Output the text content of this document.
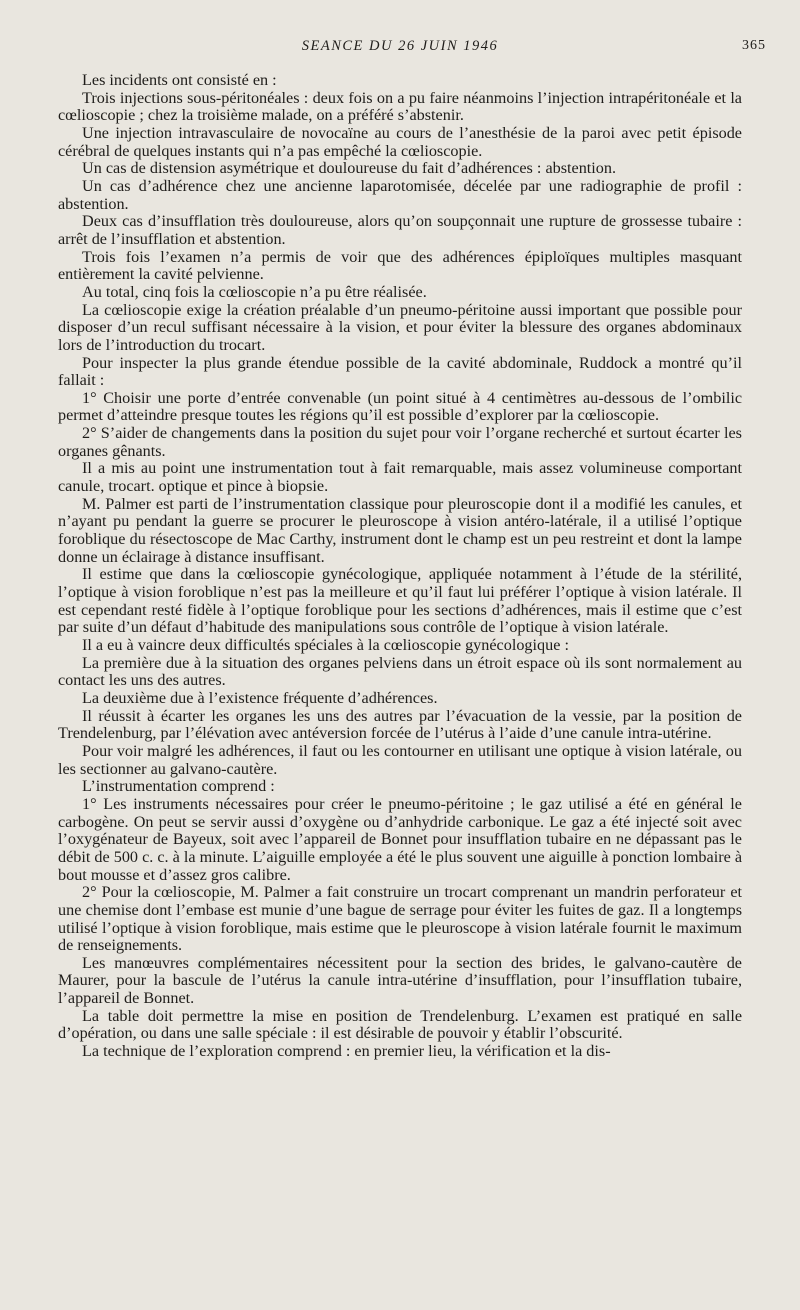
SEANCE DU 26 JUIN 1946	365

Les incidents ont consisté en :

Trois injections sous-péritonéales : deux fois on a pu faire néanmoins l’injection intrapéritonéale et la cœlioscopie ; chez la troisième malade, on a préféré s’abstenir.

Une injection intravasculaire de novocaïne au cours de l’anesthésie de la paroi avec petit épisode cérébral de quelques instants qui n’a pas empêché la cœlioscopie.

Un cas de distension asymétrique et douloureuse du fait d’adhérences : abstention.

Un cas d’adhérence chez une ancienne laparotomisée, décelée par une radiographie de profil : abstention.

Deux cas d’insufflation très douloureuse, alors qu’on soupçonnait une rupture de grossesse tubaire : arrêt de l’insufflation et abstention.

Trois fois l’examen n’a permis de voir que des adhérences épiploïques multiples masquant entièrement la cavité pelvienne.

Au total, cinq fois la cœlioscopie n’a pu être réalisée.

La cœlioscopie exige la création préalable d’un pneumo-péritoine aussi important que possible pour disposer d’un recul suffisant nécessaire à la vision, et pour éviter la blessure des organes abdominaux lors de l’introduction du trocart.

Pour inspecter la plus grande étendue possible de la cavité abdominale, Ruddock a montré qu’il fallait :

1° Choisir une porte d’entrée convenable (un point situé à 4 centimètres au-dessous de l’ombilic permet d’atteindre presque toutes les régions qu’il est possible d’explorer par la cœlioscopie.

2° S’aider de changements dans la position du sujet pour voir l’organe recherché et surtout écarter les organes gênants.

Il a mis au point une instrumentation tout à fait remarquable, mais assez volumineuse comportant canule, trocart. optique et pince à biopsie.

M. Palmer est parti de l’instrumentation classique pour pleuroscopie dont il a modifié les canules, et n’ayant pu pendant la guerre se procurer le pleuroscope à vision antéro-latérale, il a utilisé l’optique foroblique du résectoscope de Mac Carthy, instrument dont le champ est un peu restreint et dont la lampe donne un éclairage à distance insuffisant.

Il estime que dans la cœlioscopie gynécologique, appliquée notamment à l’étude de la stérilité, l’optique à vision foroblique n’est pas la meilleure et qu’il faut lui préférer l’optique à vision latérale. Il est cependant resté fidèle à l’optique foroblique pour les sections d’adhérences, mais il estime que c’est par suite d’un défaut d’habitude des manipulations sous contrôle de l’optique à vision latérale.

Il a eu à vaincre deux difficultés spéciales à la cœlioscopie gynécologique :

La première due à la situation des organes pelviens dans un étroit espace où ils sont normalement au contact les uns des autres.

La deuxième due à l’existence fréquente d’adhérences.

Il réussit à écarter les organes les uns des autres par l’évacuation de la vessie, par la position de Trendelenburg, par l’élévation avec antéversion forcée de l’utérus à l’aide d’une canule intra-utérine.

Pour voir malgré les adhérences, il faut ou les contourner en utilisant une optique à vision latérale, ou les sectionner au galvano-cautère.

L’instrumentation comprend :

1° Les instruments nécessaires pour créer le pneumo-péritoine ; le gaz utilisé a été en général le carbogène. On peut se servir aussi d’oxygène ou d’anhydride carbonique. Le gaz a été injecté soit avec l’oxygénateur de Bayeux, soit avec l’appareil de Bonnet pour insufflation tubaire en ne dépassant pas le débit de 500 c. c. à la minute. L’aiguille employée a été le plus souvent une aiguille à ponction lombaire à bout mousse et d’assez gros calibre.

2° Pour la cœlioscopie, M. Palmer a fait construire un trocart comprenant un mandrin perforateur et une chemise dont l’embase est munie d’une bague de serrage pour éviter les fuites de gaz. Il a longtemps utilisé l’optique à vision foroblique, mais estime que le pleuroscope à vision latérale fournit le maximum de renseignements.

Les manœuvres complémentaires nécessitent pour la section des brides, le galvano-cautère de Maurer, pour la bascule de l’utérus la canule intra-utérine d’insufflation, pour l’insufflation tubaire, l’appareil de Bonnet.

La table doit permettre la mise en position de Trendelenburg. L’examen est pratiqué en salle d’opération, ou dans une salle spéciale : il est désirable de pouvoir y établir l’obscurité.

La technique de l’exploration comprend : en premier lieu, la vérification et la dis-
